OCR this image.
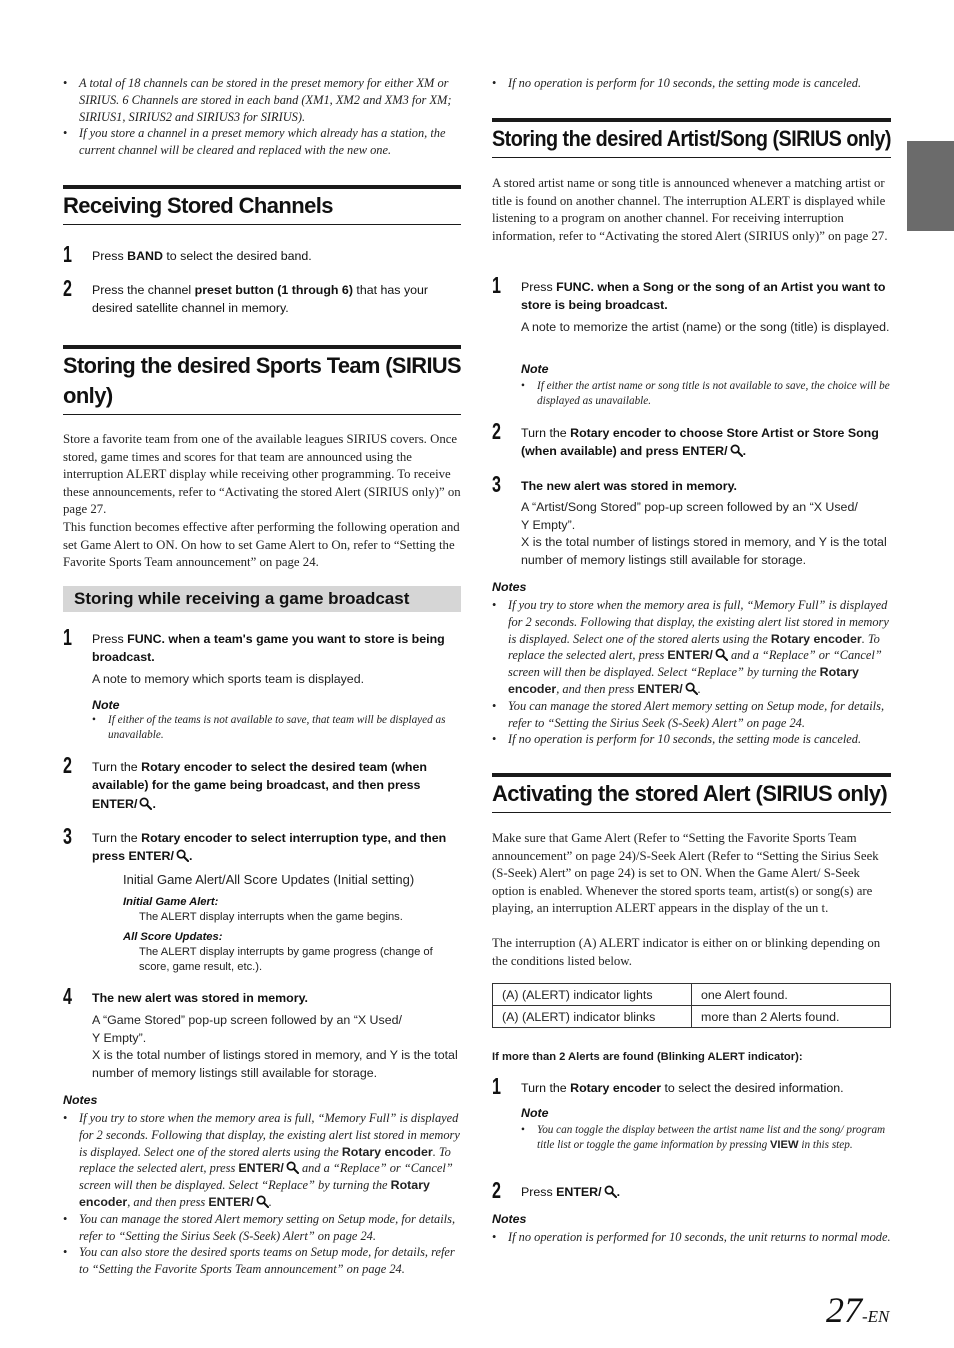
• A total of 18 channels can be stored in the preset memory for either XM or SIRIUS. 6 Channels are stored in each band (XM1, XM2 and XM3 for XM; SIRIUS1, SIRIUS2 and SIRIUS3 for SIRIUS).
• If you store a channel in a preset memory which already has a station, the current channel will be cleared and replaced with the new one.
Receiving Stored Channels
1 Press BAND to select the desired band.
2 Press the channel preset button (1 through 6) that has your desired satellite channel in memory.
Storing the desired Sports Team (SIRIUS only)
Store a favorite team from one of the available leagues SIRIUS covers. Once stored, game times and scores for that team are announced using the interruption ALERT display while receiving other programming. To receive these announcements, refer to “Activating the stored Alert (SIRIUS only)” on page 27.
This function becomes effective after performing the following operation and set Game Alert to ON. On how to set Game Alert to On, refer to “Setting the Favorite Sports Team announcement” on page 24.
Storing while receiving a game broadcast
1 Press FUNC. when a team's game you want to store is being broadcast.
A note to memory which sports team is displayed.
Note
• If either of the teams is not available to save, that team will be displayed as unavailable.
2 Turn the Rotary encoder to select the desired team (when available) for the game being broadcast, and then press ENTER/ .
3 Turn the Rotary encoder to select interruption type, and then press ENTER/ .
Initial Game Alert/All Score Updates (Initial setting)
Initial Game Alert:
The ALERT display interrupts when the game begins.
All Score Updates:
The ALERT display interrupts by game progress (change of score, game result, etc.).
4 The new alert was stored in memory.
A “Game Stored” pop-up screen followed by an “X Used/
Y Empty”.
X is the total number of listings stored in memory, and Y is the total number of memory listings still available for storage.
Notes
• If you try to store when the memory area is full, “Memory Full” is displayed for 2 seconds. Following that display, the existing alert list stored in memory is displayed. Select one of the stored alerts using the Rotary encoder. To replace the selected alert, press ENTER/ and a “Replace” or “Cancel” screen will then be displayed. Select “Replace” by turning the Rotary encoder, and then press ENTER/ .
• You can manage the stored Alert memory setting on Setup mode, for details, refer to “Setting the Sirius Seek (S-Seek) Alert” on page 24.
• You can also store the desired sports teams on Setup mode, for details, refer to “Setting the Favorite Sports Team announcement” on page 24.
• If no operation is perform for 10 seconds, the setting mode is canceled.
Storing the desired Artist/Song (SIRIUS only)
A stored artist name or song title is announced whenever a matching artist or title is found on another channel. The interruption ALERT is displayed while listening to a program on another channel. For receiving interruption information, refer to “Activating the stored Alert (SIRIUS only)” on page 27.
1 Press FUNC. when a Song or the song of an Artist you want to store is being broadcast.
A note to memorize the artist (name) or the song (title) is displayed.
Note
• If either the artist name or song title is not available to save, the choice will be displayed as unavailable.
2 Turn the Rotary encoder to choose Store Artist or Store Song (when available) and press ENTER/ .
3 The new alert was stored in memory.
A “Artist/Song Stored” pop-up screen followed by an “X Used/
Y Empty”.
X is the total number of listings stored in memory, and Y is the total number of memory listings still available for storage.
Notes
• If you try to store when the memory area is full, “Memory Full” is displayed for 2 seconds. Following that display, the existing alert list stored in memory is displayed. Select one of the stored alerts using the Rotary encoder. To replace the selected alert, press ENTER/ and a “Replace” or “Cancel” screen will then be displayed. Select “Replace” by turning the Rotary encoder, and then press ENTER/ .
• You can manage the stored Alert memory setting on Setup mode, for details, refer to “Setting the Sirius Seek (S-Seek) Alert” on page 24.
• If no operation is perform for 10 seconds, the setting mode is canceled.
Activating the stored Alert (SIRIUS only)
Make sure that Game Alert (Refer to “Setting the Favorite Sports Team announcement” on page 24)/S-Seek Alert (Refer to “Setting the Sirius Seek (S-Seek) Alert” on page 24) is set to ON. When the Game Alert/ S-Seek option is enabled. Whenever the stored sports team, artist(s) or song(s) are playing, an interruption ALERT appears in the display of the un t.
The interruption (A) ALERT indicator is either on or blinking depending on the conditions listed below.
(A) (ALERT) indicator lights	one Alert found.
(A) (ALERT) indicator blinks	more than 2 Alerts found.
If more than 2 Alerts are found (Blinking ALERT indicator):
1 Turn the Rotary encoder to select the desired information.
Note
• You can toggle the display between the artist name list and the song/ program title list or toggle the game information by pressing VIEW in this step.
2 Press ENTER/ .
Notes
• If no operation is performed for 10 seconds, the unit returns to normal mode.
27-EN
